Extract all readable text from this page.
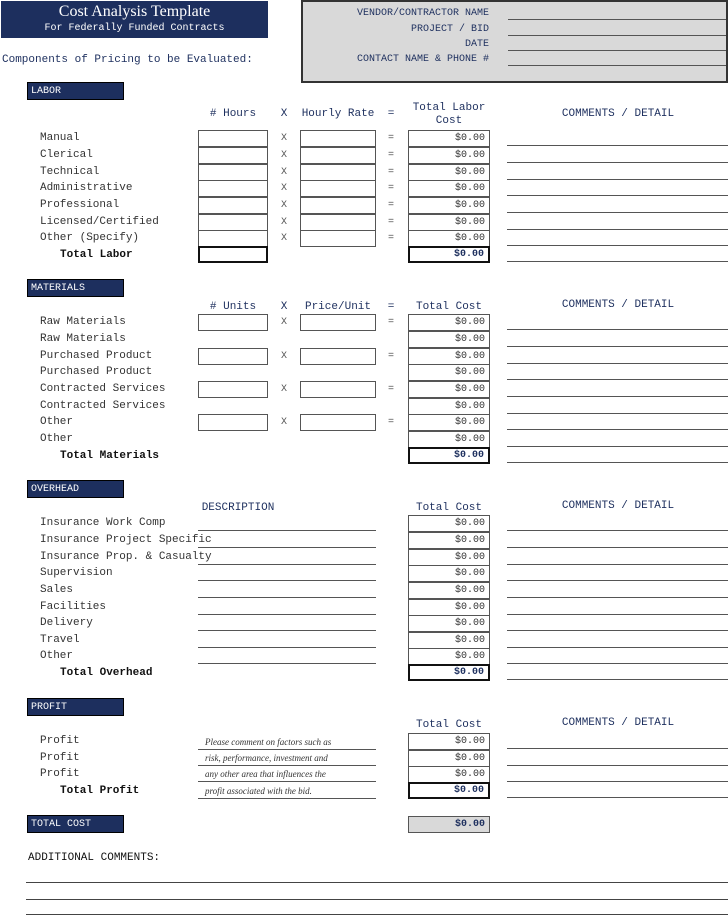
Cost Analysis Template
For Federally Funded Contracts
Components of Pricing to be Evaluated:
VENDOR/CONTRACTOR NAME
PROJECT / BID
DATE
CONTACT NAME & PHONE #
LABOR
# Hours	X Hourly Rate	=	Total Labor
Cost
COMMENTS / DETAIL
Manual	X	=	$0.00
Clerical	X	=	$0.00
Technical	X	=	$0.00
Administrative	X	=	$0.00
Professional	X	=	$0.00
Licensed/Certified	X	=	$0.00
Other (Specify)	X	=	$0.00
Total Labor	$0.00
MATERIALS
# Units	X	Price/Unit	=	Total Cost	COMMENTS / DETAIL
Raw Materials	X	=	$0.00
Raw Materials	$0.00
Purchased Product	X	=	$0.00
Purchased Product	$0.00
Contracted Services	X	=	$0.00
Contracted Services	$0.00
Other	X	=	$0.00
Other	$0.00
Total Materials	$0.00
OVERHEAD
DESCRIPTION	Total Cost	COMMENTS / DETAIL
Insurance Work Comp	$0.00
Insurance Project Specific	$0.00
Insurance Prop. & Casualty	$0.00
Supervision	$0.00
Sales	$0.00
Facilities	$0.00
Delivery	$0.00
Travel	$0.00
Other	$0.00
Total Overhead	$0.00
PROFIT
Total Cost	COMMENTS / DETAIL
Profit	$0.00
Profit	$0.00
Profit	$0.00
Please comment on factors such as
risk, performance, investment and
any other area that influences the
profit associated with the bid.
Total Profit	$0.00
TOTAL COST	$0.00
ADDITIONAL COMMENTS:
